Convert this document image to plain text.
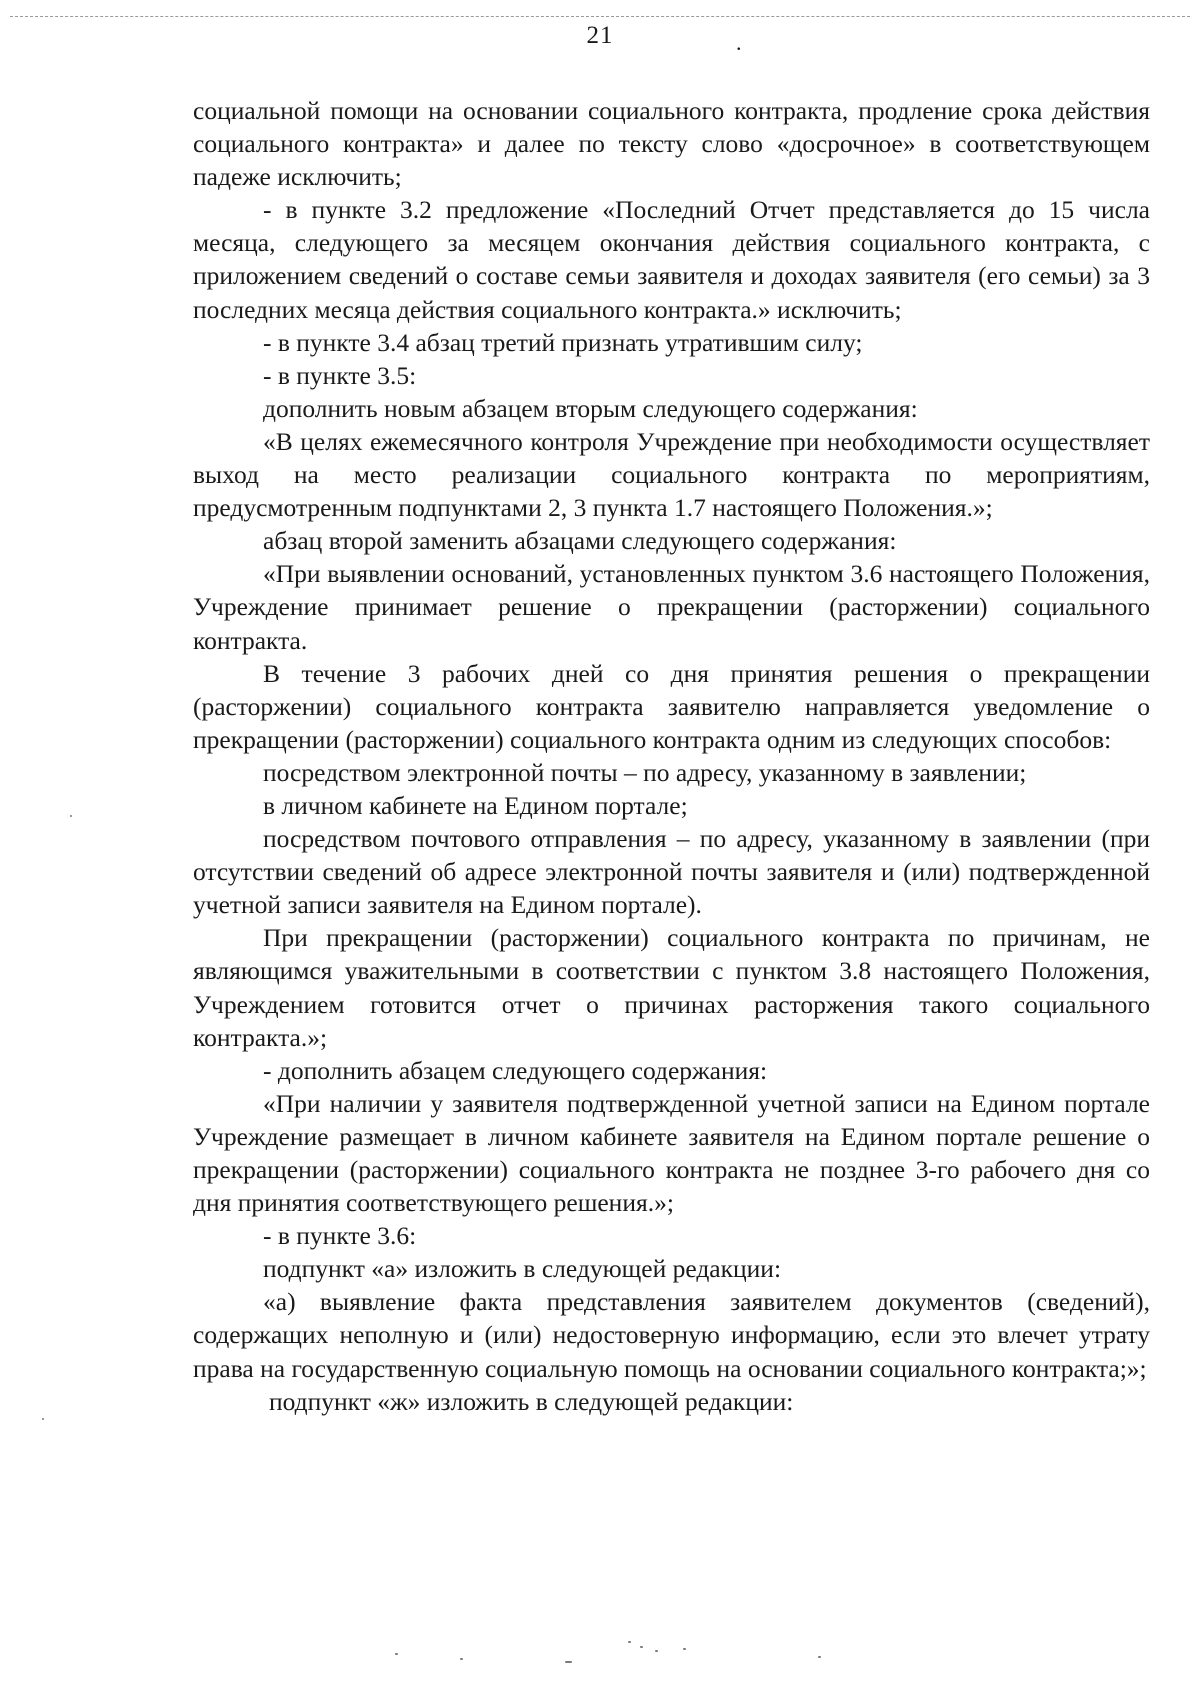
21	.

социальной помощи на основании социального контракта, продление срока действия социального контракта» и далее по тексту слово «досрочное» в соответствующем падеже исключить;

- в пункте 3.2 предложение «Последний Отчет представляется до 15 числа месяца, следующего за месяцем окончания действия социального контракта, с приложением сведений о составе семьи заявителя и доходах заявителя (его семьи) за 3 последних месяца действия социального контракта.» исключить;

- в пункте 3.4 абзац третий признать утратившим силу;

- в пункте 3.5:

дополнить новым абзацем вторым следующего содержания:

«В целях ежемесячного контроля Учреждение при необходимости осуществляет выход на место реализации социального контракта по мероприятиям, предусмотренным подпунктами 2, 3 пункта 1.7 настоящего Положения.»;

абзац второй заменить абзацами следующего содержания:

«При выявлении оснований, установленных пунктом 3.6 настоящего Положения, Учреждение принимает решение о прекращении (расторжении) социального контракта.

В течение 3 рабочих дней со дня принятия решения о прекращении (расторжении) социального контракта заявителю направляется уведомление о прекращении (расторжении) социального контракта одним из следующих способов:

посредством электронной почты – по адресу, указанному в заявлении;

в личном кабинете на Едином портале;

посредством почтового отправления – по адресу, указанному в заявлении (при отсутствии сведений об адресе электронной почты заявителя и (или) подтвержденной учетной записи заявителя на Едином портале).

При прекращении (расторжении) социального контракта по причинам, не являющимся уважительными в соответствии с пунктом 3.8 настоящего Положения, Учреждением готовится отчет о причинах расторжения такого социального контракта.»;

- дополнить абзацем следующего содержания:

«При наличии у заявителя подтвержденной учетной записи на Едином портале Учреждение размещает в личном кабинете заявителя на Едином портале решение о прекращении (расторжении) социального контракта не позднее 3-го рабочего дня со дня принятия соответствующего решения.»;

- в пункте 3.6:

подпункт «а» изложить в следующей редакции:

«а) выявление факта представления заявителем документов (сведений), содержащих неполную и (или) недостоверную информацию, если это влечет утрату права на государственную социальную помощь на основании социального контракта;»;

подпункт «ж» изложить в следующей редакции:
